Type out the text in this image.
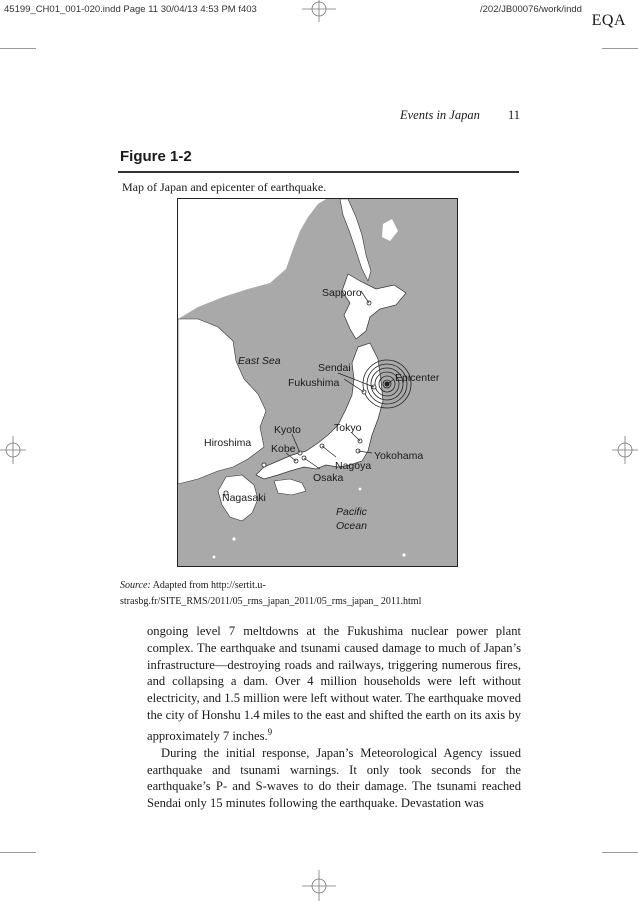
45199_CH01_001-020.indd Page 11 30/04/13 4:53 PM f403	/202/JB00076/work/indd
EQA
Events in Japan 11
Figure 1-2
Map of Japan and epicenter of earthquake.
Sapporo
East Sea
Sendai
Fukushima	Epicenter
Kyoto	Tokyo
Hiroshima Kobe
Yokohama
Nagoya
Osaka
Nagasaki
Pacific
Ocean
Source: Adapted from http://sertit.u-strasbg.fr/SITE_RMS/2011/05_rms_japan_2011/05_rms_japan_ 2011.html

ongoing level 7 meltdowns at the Fukushima nuclear power plant complex. The earthquake and tsunami caused damage to much of Japan’s infrastructure—destroying roads and railways, triggering numerous fires, and collapsing a dam. Over 4 million households were left without electricity, and 1.5 million were left without water. The earthquake moved the city of Honshu 1.4 miles to the east and shifted the earth on its axis by approximately 7 inches.$^9$

During the initial response, Japan’s Meteorological Agency issued earthquake and tsunami warnings. It only took seconds for the earthquake’s P- and S-waves to do their damage. The tsunami reached Sendai only 15 minutes following the earthquake. Devastation was
